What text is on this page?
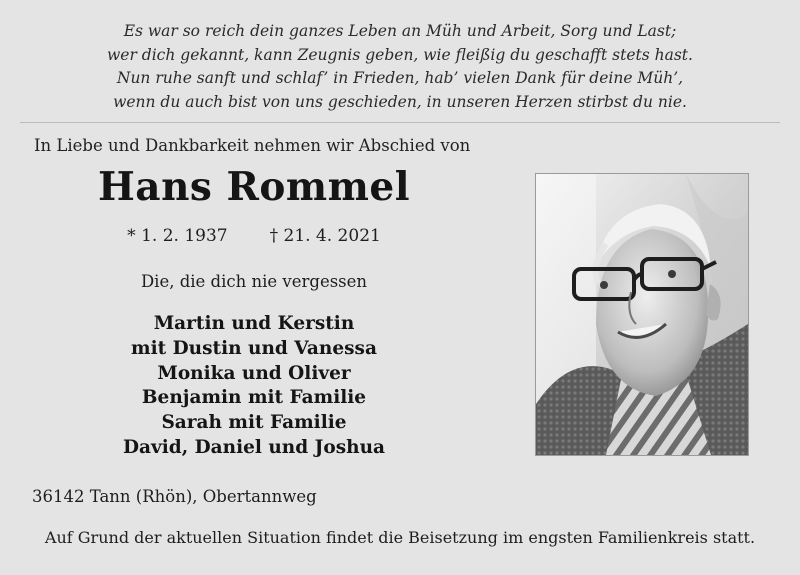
Es war so reich dein ganzes Leben an Müh und Arbeit, Sorg und Last;
wer dich gekannt, kann Zeugnis geben, wie fleißig du geschafft stets hast.
Nun ruhe sanft und schlaf’ in Frieden, hab’ vielen Dank für deine Müh’,
wenn du auch bist von uns geschieden, in unseren Herzen stirbst du nie.
In Liebe und Dankbarkeit nehmen wir Abschied von
Hans Rommel
* 1. 2. 1937 † 21. 4. 2021
Die, die dich nie vergessen
Martin und Kerstin
mit Dustin und Vanessa
Monika und Oliver
Benjamin mit Familie
Sarah mit Familie
David, Daniel und Joshua
36142 Tann (Rhön), Obertannweg
Auf Grund der aktuellen Situation findet die Beisetzung im engsten Familienkreis statt.
